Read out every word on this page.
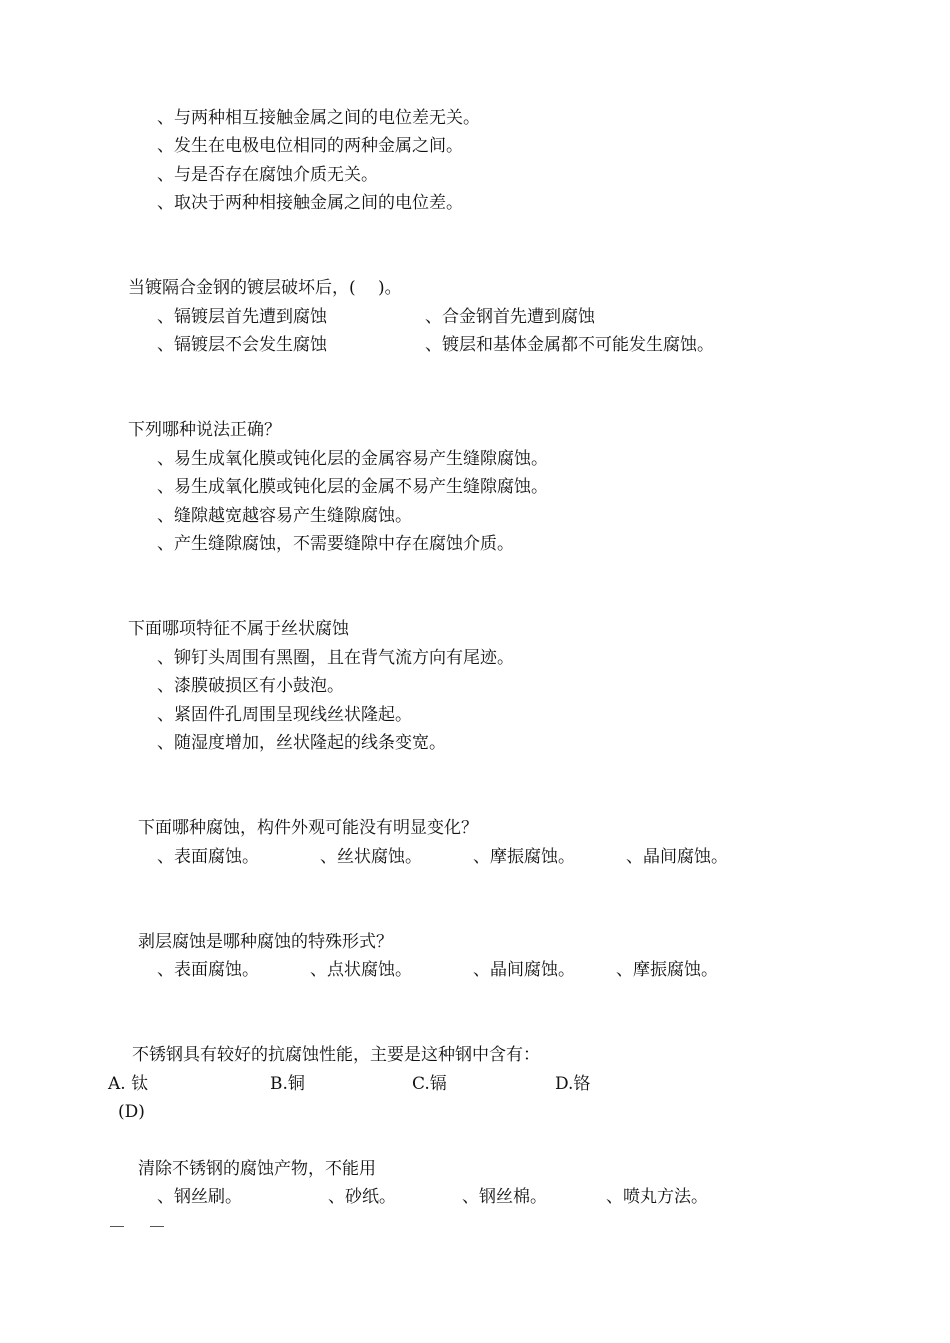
、与两种相互接触金属之间的电位差无关。
、发生在电极电位相同的两种金属之间。
、与是否存在腐蚀介质无关。
、取决于两种相接触金属之间的电位差。
当镀隔合金钢的镀层破坏后，(　 )。
、镉镀层首先遭到腐蚀	、合金钢首先遭到腐蚀
、镉镀层不会发生腐蚀	、镀层和基体金属都不可能发生腐蚀。
下列哪种说法正确？
、易生成氧化膜或钝化层的金属容易产生缝隙腐蚀。
、易生成氧化膜或钝化层的金属不易产生缝隙腐蚀。
、缝隙越宽越容易产生缝隙腐蚀。
、产生缝隙腐蚀，不需要缝隙中存在腐蚀介质。
下面哪项特征不属于丝状腐蚀
、铆钉头周围有黑圈，且在背气流方向有尾迹。
、漆膜破损区有小鼓泡。
、紧固件孔周围呈现线丝状隆起。
、随湿度增加，丝状隆起的线条变宽。
下面哪种腐蚀，构件外观可能没有明显变化？
、表面腐蚀。	、丝状腐蚀。	、摩振腐蚀。	、晶间腐蚀。
剥层腐蚀是哪种腐蚀的特殊形式？
、表面腐蚀。	、点状腐蚀。	、晶间腐蚀。 、摩振腐蚀。
不锈钢具有较好的抗腐蚀性能，主要是这种钢中含有：
A. 钛	B.铜	C.镉	D.铬
(D)
清除不锈钢的腐蚀产物，不能用
、钢丝刷。	、砂纸。	、钢丝棉。	、喷丸方法。
